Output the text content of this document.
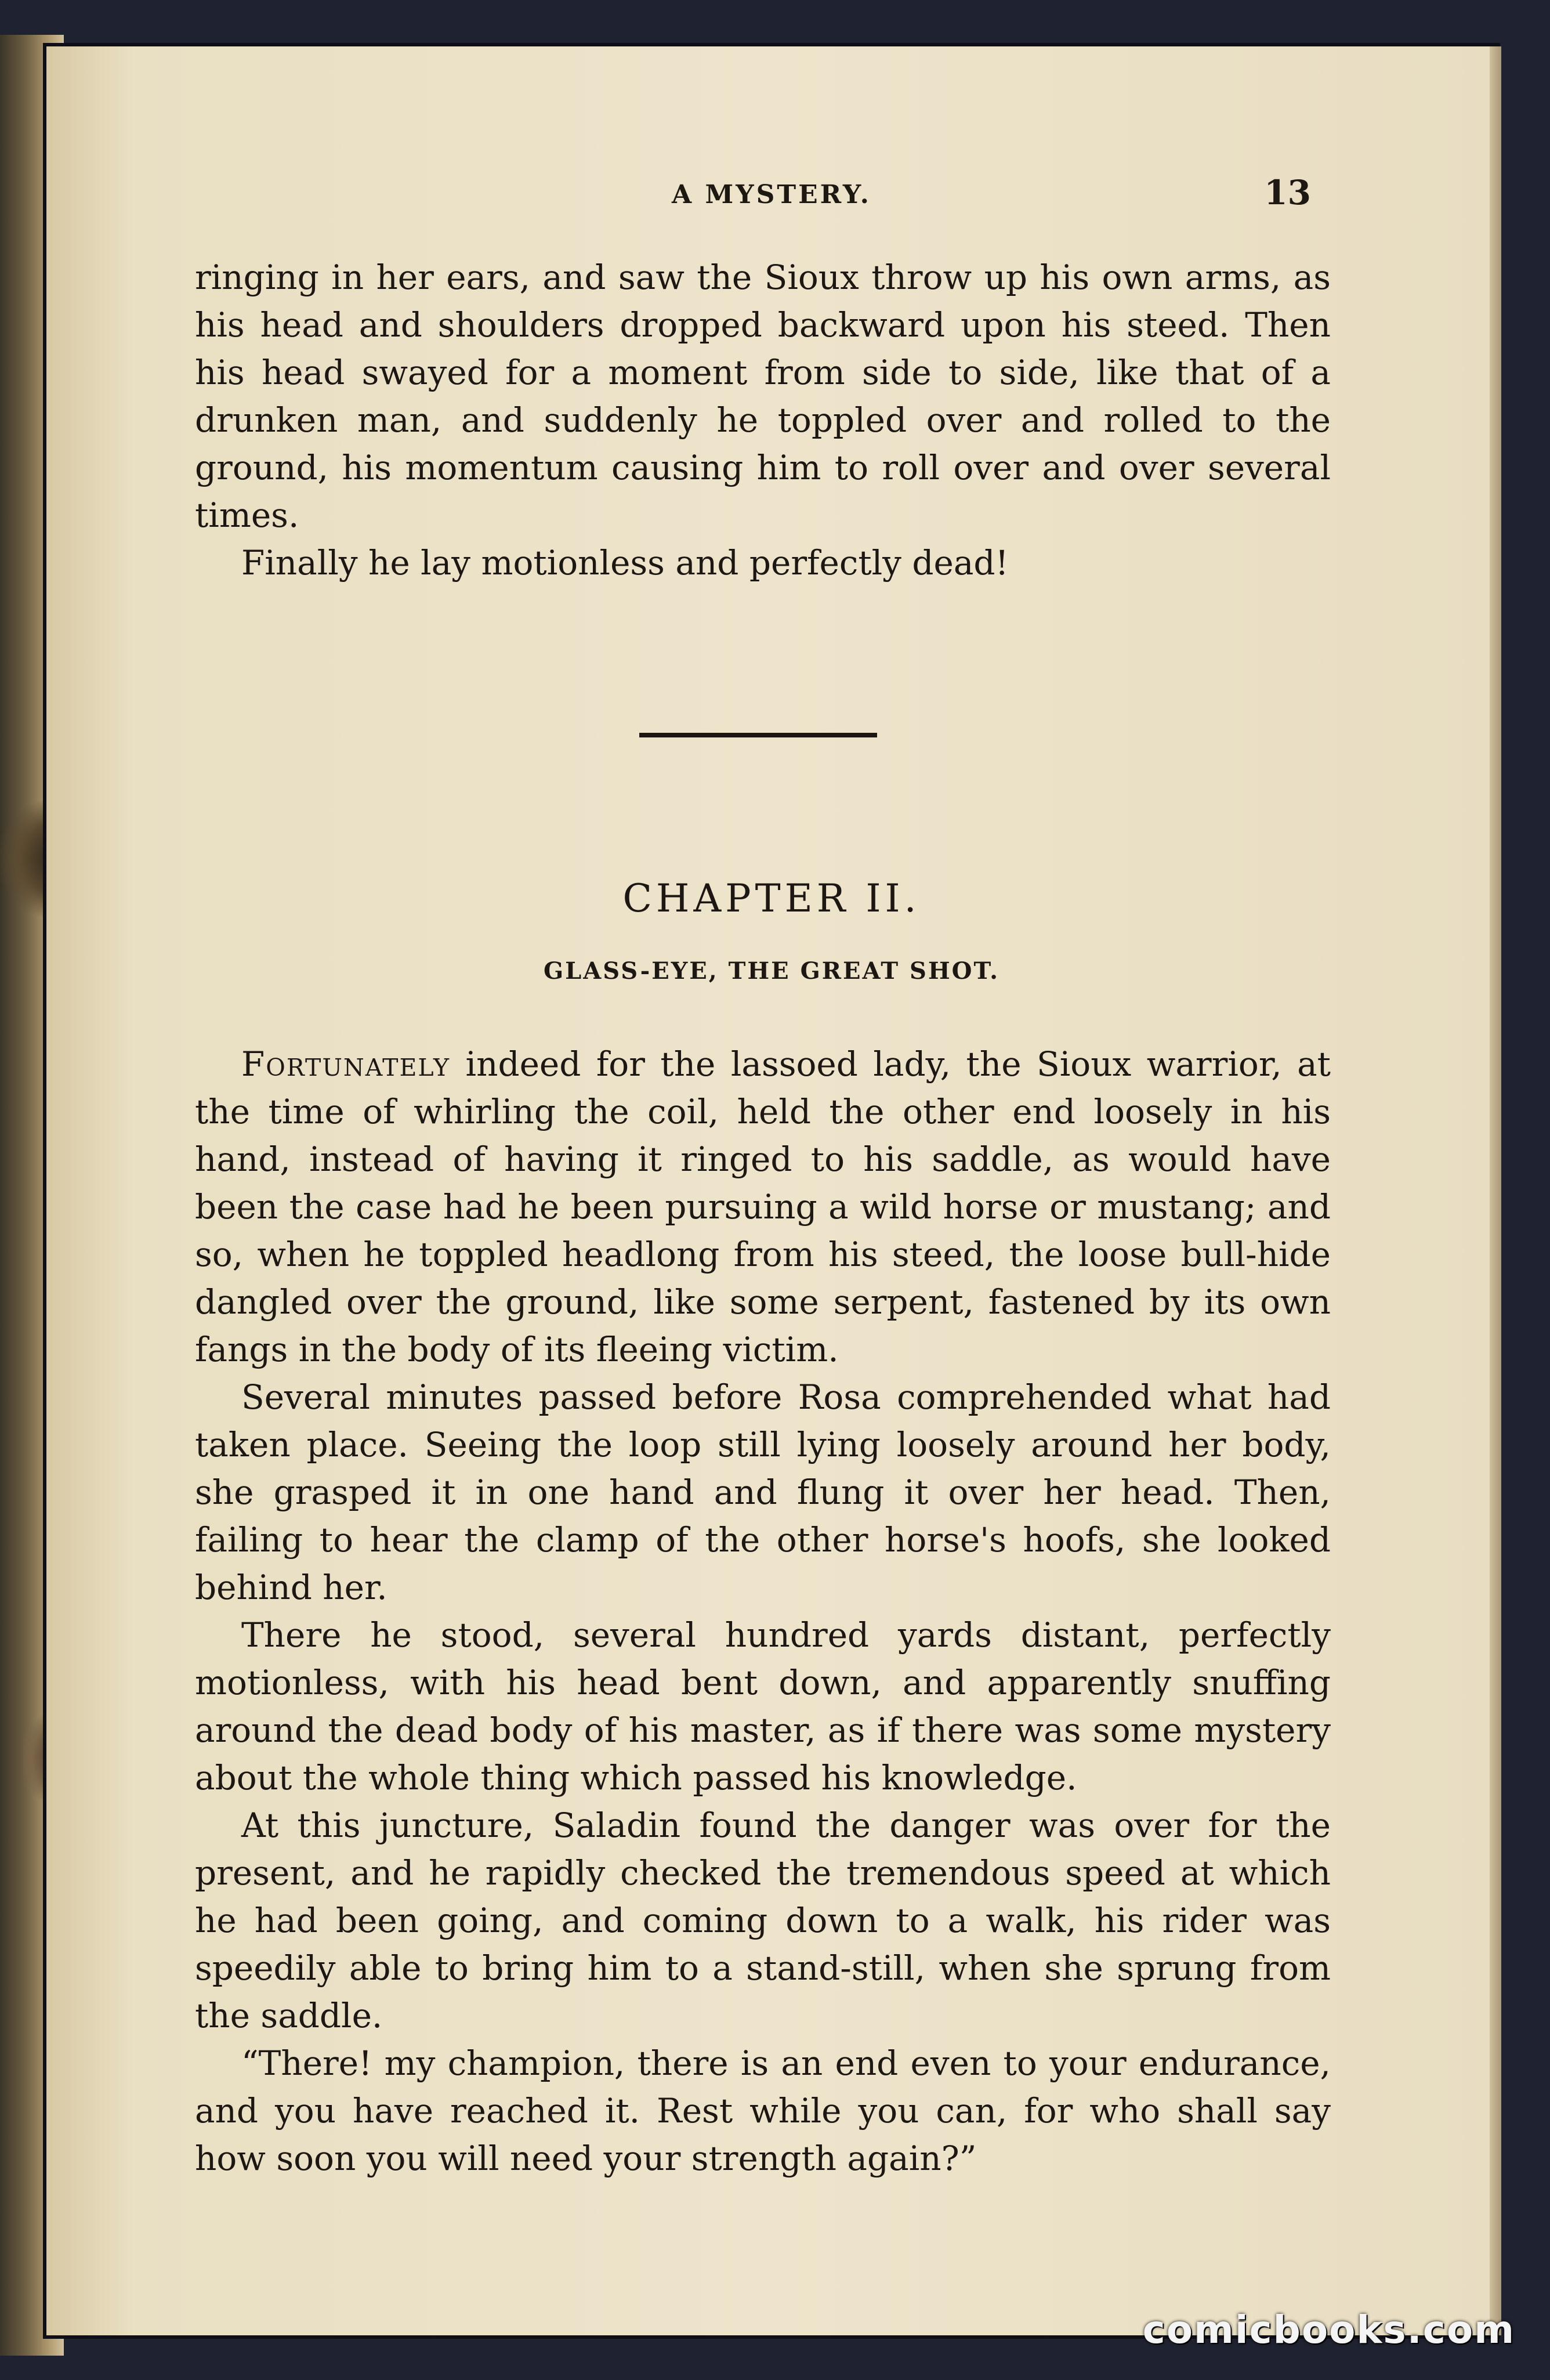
A MYSTERY.	13

ringing in her ears, and saw the Sioux throw up his own arms, as his head and shoulders dropped backward upon his steed. Then his head swayed for a moment from side to side, like that of a drunken man, and suddenly he toppled over and rolled to the ground, his momentum causing him to roll over and over several times.

Finally he lay motionless and perfectly dead!

CHAPTER II.
GLASS-EYE, THE GREAT SHOT.

Fortunately indeed for the lassoed lady, the Sioux warrior, at the time of whirling the coil, held the other end loosely in his hand, instead of having it ringed to his saddle, as would have been the case had he been pursuing a wild horse or mustang; and so, when he toppled headlong from his steed, the loose bull-hide dangled over the ground, like some serpent, fastened by its own fangs in the body of its fleeing victim.

Several minutes passed before Rosa comprehended what had taken place. Seeing the loop still lying loosely around her body, she grasped it in one hand and flung it over her head. Then, failing to hear the clamp of the other horse's hoofs, she looked behind her.

There he stood, several hundred yards distant, perfectly motionless, with his head bent down, and apparently snuffing around the dead body of his master, as if there was some mystery about the whole thing which passed his knowledge.

At this juncture, Saladin found the danger was over for the present, and he rapidly checked the tremendous speed at which he had been going, and coming down to a walk, his rider was speedily able to bring him to a stand-still, when she sprung from the saddle.

“There! my champion, there is an end even to your endurance, and you have reached it. Rest while you can, for who shall say how soon you will need your strength again?”

comicbooks.com
